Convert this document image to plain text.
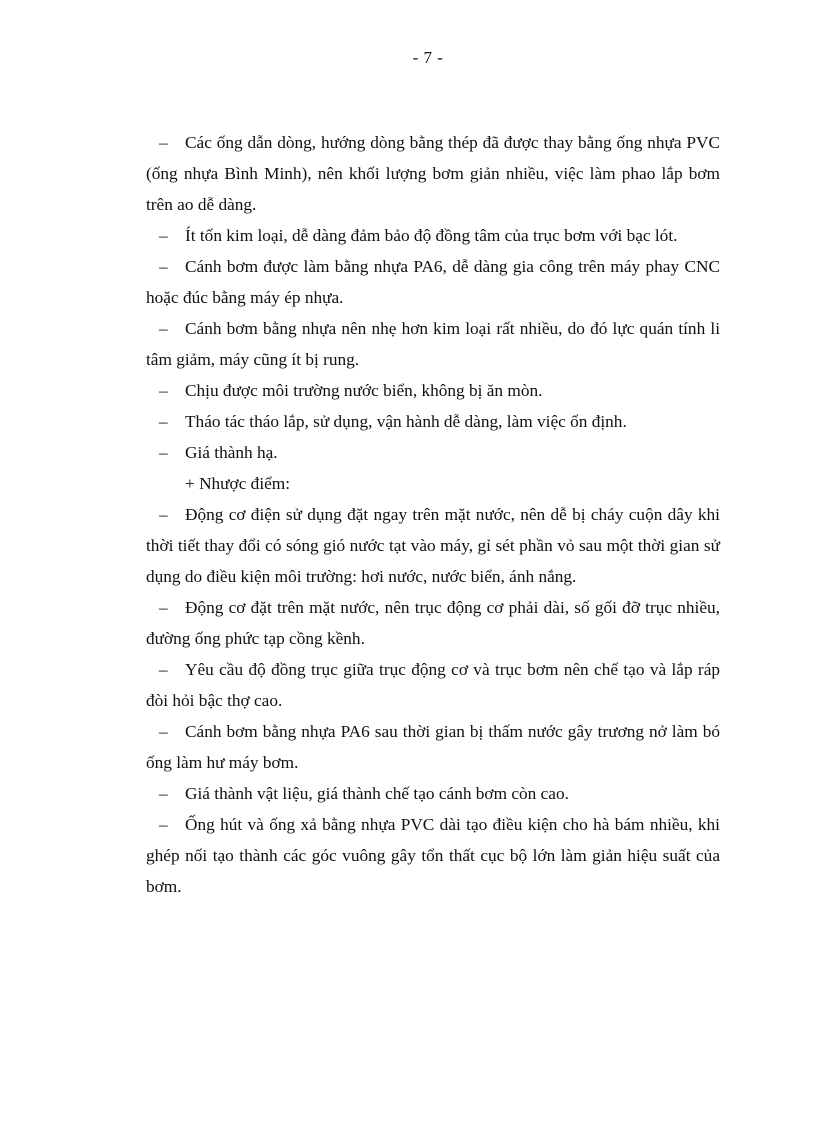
- 7 -

– Các ống dẫn dòng, hướng dòng bằng thép đã được thay bằng ống nhựa PVC (ống nhựa Bình Minh), nên khối lượng bơm giản nhiều, việc làm phao lắp bơm trên ao dễ dàng.

– Ít tốn kim loại, dễ dàng đảm bảo độ đồng tâm của trục bơm với bạc lót.

– Cánh bơm được làm bằng nhựa PA6, dễ dàng gia công trên máy phay CNC hoặc đúc bằng máy ép nhựa.

– Cánh bơm bằng nhựa nên nhẹ hơn kim loại rất nhiều, do đó lực quán tính li tâm giảm, máy cũng ít bị rung.

– Chịu được môi trường nước biển, không bị ăn mòn.

– Tháo tác tháo lắp, sử dụng, vận hành dễ dàng, làm việc ổn định.

– Giá thành hạ.

+ Nhược điểm:

– Động cơ điện sử dụng đặt ngay trên mặt nước, nên dễ bị cháy cuộn dây khi thời tiết thay đổi có sóng gió nước tạt vào máy, gỉ sét phần vỏ sau một thời gian sử dụng do điều kiện môi trường: hơi nước, nước biển, ánh nắng.

– Động cơ đặt trên mặt nước, nên trục động cơ phải dài, số gối đỡ trục nhiều, đường ống phức tạp cồng kềnh.

– Yêu cầu độ đồng trục giữa trục động cơ và trục bơm nên chế tạo và lắp ráp đòi hỏi bậc thợ cao.

– Cánh bơm bằng nhựa PA6 sau thời gian bị thấm nước gây trương nở làm bó ống làm hư máy bơm.

– Giá thành vật liệu, giá thành chế tạo cánh bơm còn cao.

– Ống hút và ống xả bằng nhựa PVC dài tạo điều kiện cho hà bám nhiều, khi ghép nối tạo thành các góc vuông gây tổn thất cục bộ lớn làm giản hiệu suất của bơm.
